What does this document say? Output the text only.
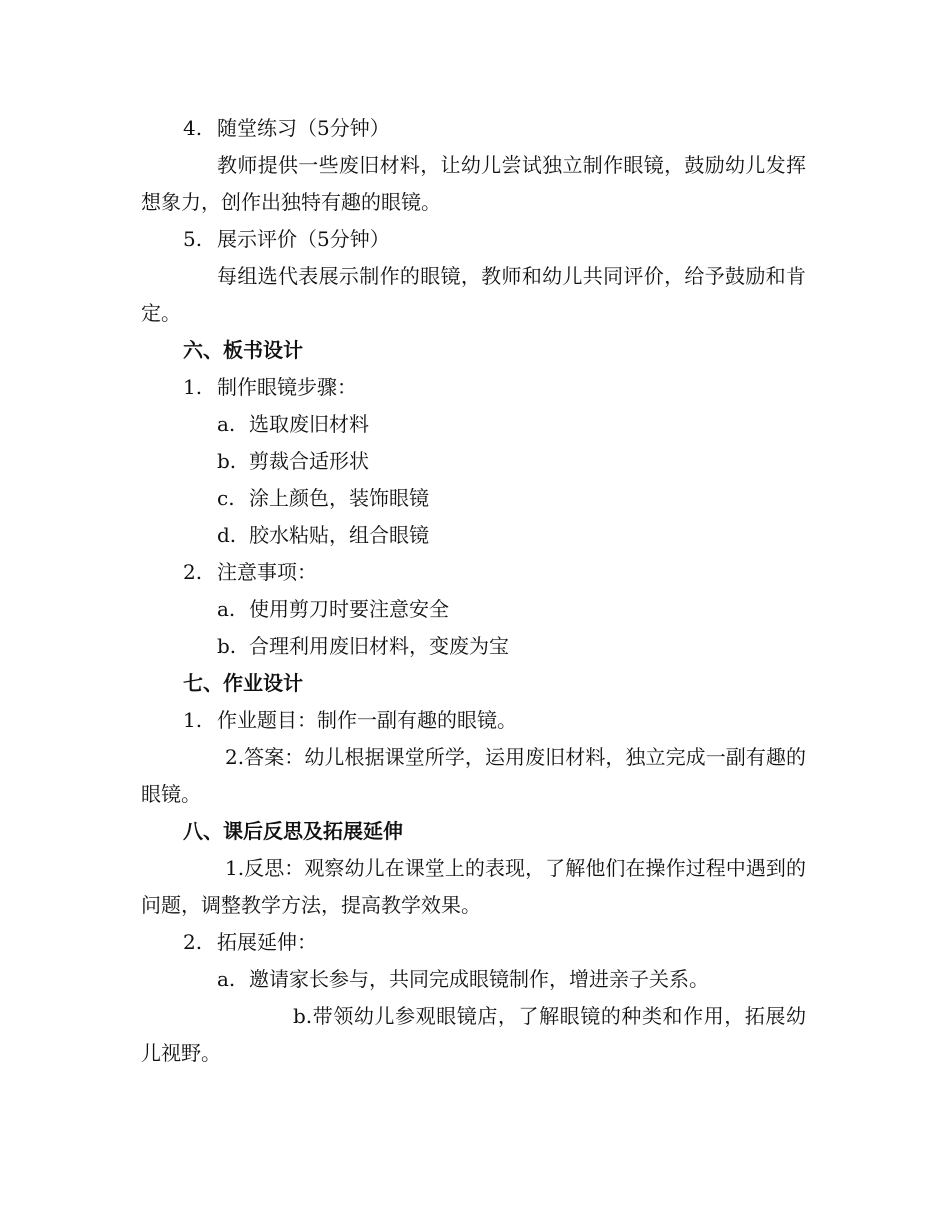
4. 随堂练习（5分钟）

教师提供一些废旧材料，让幼儿尝试独立制作眼镜，鼓励幼儿发挥想象力，创作出独特有趣的眼镜。

5. 展示评价（5分钟）

每组选代表展示制作的眼镜，教师和幼儿共同评价，给予鼓励和肯定。

六、板书设计
1. 制作眼镜步骤：
a. 选取废旧材料
b. 剪裁合适形状
c. 涂上颜色，装饰眼镜
d. 胶水粘贴，组合眼镜
2. 注意事项：
a. 使用剪刀时要注意安全
b. 合理利用废旧材料，变废为宝
七、作业设计
1. 作业题目：制作一副有趣的眼镜。

2.答案：幼儿根据课堂所学，运用废旧材料，独立完成一副有趣的眼镜。

八、课后反思及拓展延伸

1.反思：观察幼儿在课堂上的表现，了解他们在操作过程中遇到的问题，调整教学方法，提高教学效果。

2. 拓展延伸：
a. 邀请家长参与，共同完成眼镜制作，增进亲子关系。

b.带领幼儿参观眼镜店，了解眼镜的种类和作用，拓展幼儿视野。
